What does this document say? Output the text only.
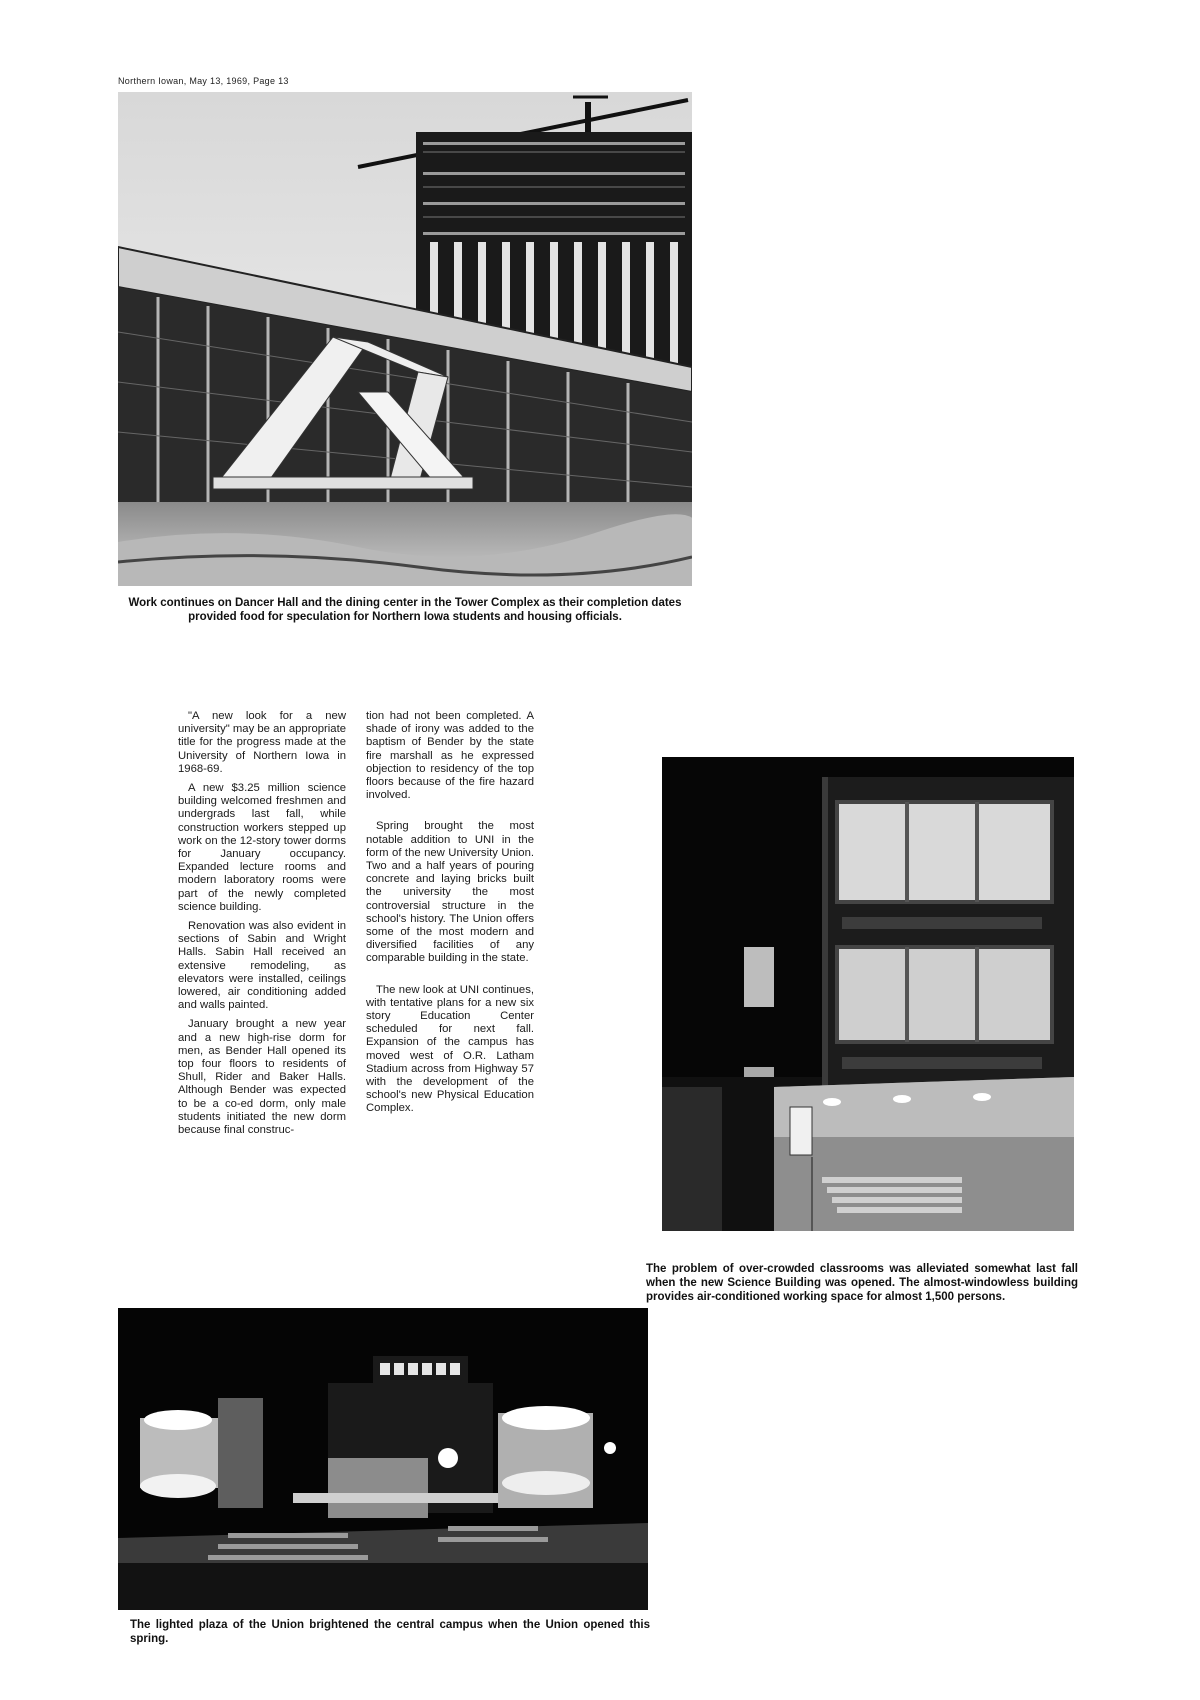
Northern Iowan, May 13, 1969, Page 13
Work continues on Dancer Hall and the dining center in the Tower Complex as their completion dates provided food for speculation for Northern Iowa students and housing officials.

"A new look for a new university" may be an appropriate title for the progress made at the University of Northern Iowa in 1968-69.

A new $3.25 million science building welcomed freshmen and undergrads last fall, while construction workers stepped up work on the 12-story tower dorms for January occupancy. Expanded lecture rooms and modern laboratory rooms were part of the newly completed science building.

Renovation was also evident in sections of Sabin and Wright Halls. Sabin Hall received an extensive remodeling, as elevators were installed, ceilings lowered, air conditioning added and walls painted.

January brought a new year and a new high-rise dorm for men, as Bender Hall opened its top four floors to residents of Shull, Rider and Baker Halls. Although Bender was expected to be a co-ed dorm, only male students initiated the new dorm because final construc-

tion had not been completed. A shade of irony was added to the baptism of Bender by the state fire marshall as he expressed objection to residency of the top floors because of the fire hazard involved.

Spring brought the most notable addition to UNI in the form of the new University Union. Two and a half years of pouring concrete and laying bricks built the university the most controversial structure in the school's history. The Union offers some of the most modern and diversified facilities of any comparable building in the state.

The new look at UNI continues, with tentative plans for a new six story Education Center scheduled for next fall. Expansion of the campus has moved west of O.R. Latham Stadium across from Highway 57 with the development of the school's new Physical Education Complex.

The problem of over-crowded classrooms was alleviated somewhat last fall when the new Science Building was opened. The almost-windowless building provides air-conditioned working space for almost 1,500 persons.
The lighted plaza of the Union brightened the central campus when the Union opened this spring.
